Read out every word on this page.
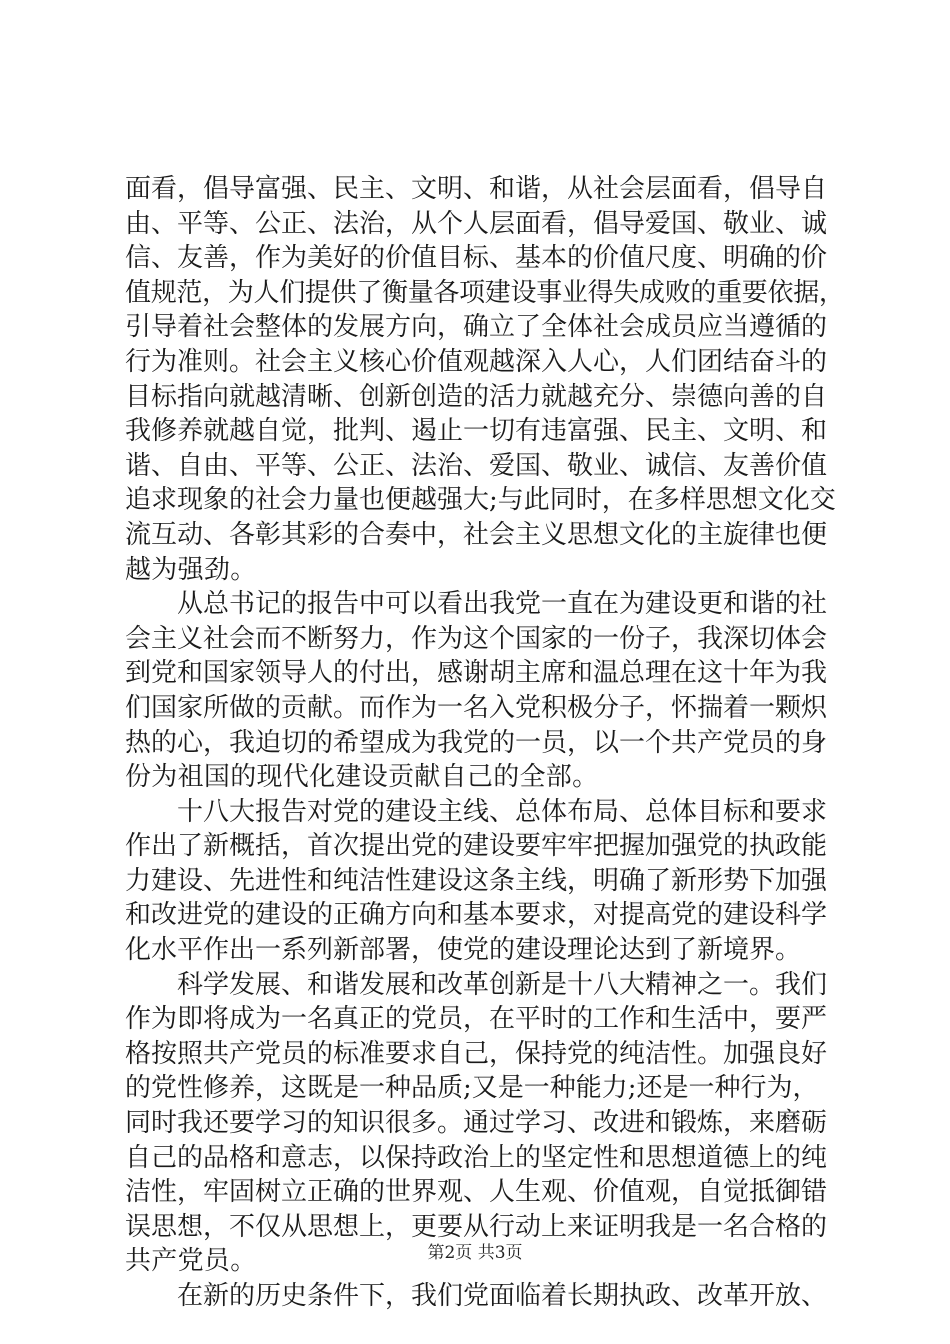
面看，倡导富强、民主、文明、和谐，从社会层面看，倡导自
由、平等、公正、法治，从个人层面看，倡导爱国、敬业、诚
信、友善，作为美好的价值目标、基本的价值尺度、明确的价
值规范，为人们提供了衡量各项建设事业得失成败的重要依据，
引导着社会整体的发展方向，确立了全体社会成员应当遵循的
行为准则。社会主义核心价值观越深入人心，人们团结奋斗的
目标指向就越清晰、创新创造的活力就越充分、崇德向善的自
我修养就越自觉，批判、遏止一切有违富强、民主、文明、和
谐、自由、平等、公正、法治、爱国、敬业、诚信、友善价值
追求现象的社会力量也便越强大;与此同时，在多样思想文化交
流互动、各彰其彩的合奏中，社会主义思想文化的主旋律也便
越为强劲。
　　从总书记的报告中可以看出我党一直在为建设更和谐的社
会主义社会而不断努力，作为这个国家的一份子，我深切体会
到党和国家领导人的付出，感谢胡主席和温总理在这十年为我
们国家所做的贡献。而作为一名入党积极分子，怀揣着一颗炽
热的心，我迫切的希望成为我党的一员，以一个共产党员的身
份为祖国的现代化建设贡献自己的全部。
　　十八大报告对党的建设主线、总体布局、总体目标和要求
作出了新概括，首次提出党的建设要牢牢把握加强党的执政能
力建设、先进性和纯洁性建设这条主线，明确了新形势下加强
和改进党的建设的正确方向和基本要求，对提高党的建设科学
化水平作出一系列新部署，使党的建设理论达到了新境界。
　　科学发展、和谐发展和改革创新是十八大精神之一。我们
作为即将成为一名真正的党员，在平时的工作和生活中，要严
格按照共产党员的标准要求自己，保持党的纯洁性。加强良好
的党性修养，这既是一种品质;又是一种能力;还是一种行为，
同时我还要学习的知识很多。通过学习、改进和锻炼，来磨砺
自己的品格和意志，以保持政治上的坚定性和思想道德上的纯
洁性，牢固树立正确的世界观、人生观、价值观，自觉抵御错
误思想，不仅从思想上，更要从行动上来证明我是一名合格的
共产党员。
　　在新的历史条件下，我们党面临着长期执政、改革开放、
第2页 共3页
